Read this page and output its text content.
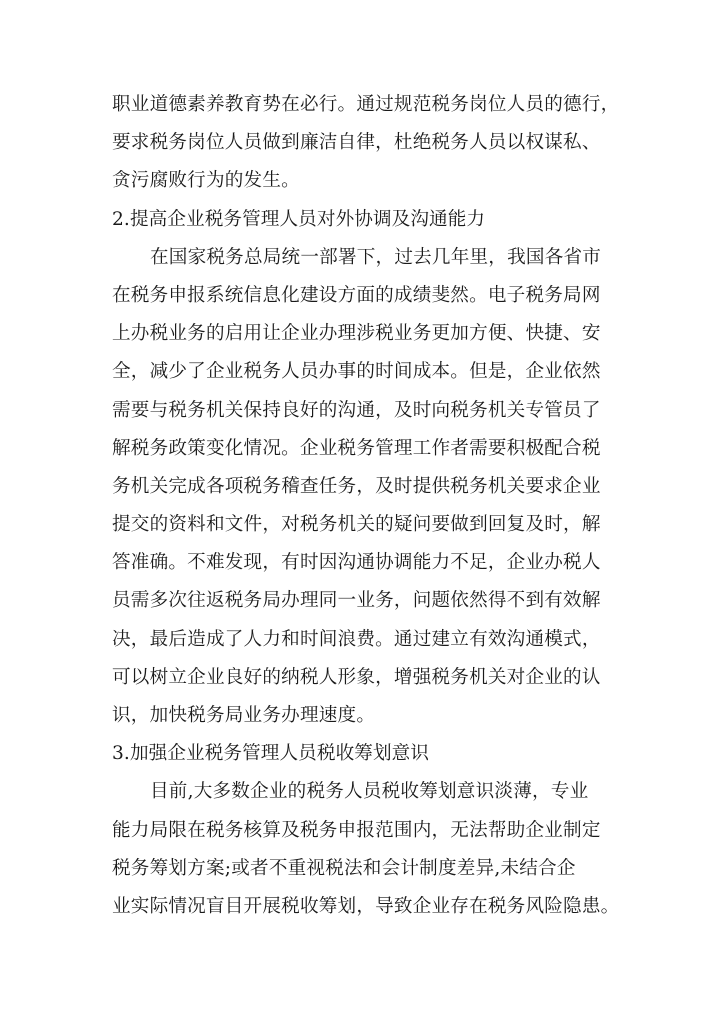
职业道德素养教育势在必行。通过规范税务岗位人员的德行，
要求税务岗位人员做到廉洁自律，杜绝税务人员以权谋私、
贪污腐败行为的发生。
2.提高企业税务管理人员对外协调及沟通能力
在国家税务总局统一部署下，过去几年里，我国各省市
在税务申报系统信息化建设方面的成绩斐然。电子税务局网
上办税业务的启用让企业办理涉税业务更加方便、快捷、安
全，减少了企业税务人员办事的时间成本。但是，企业依然
需要与税务机关保持良好的沟通，及时向税务机关专管员了
解税务政策变化情况。企业税务管理工作者需要积极配合税
务机关完成各项税务稽查任务，及时提供税务机关要求企业
提交的资料和文件，对税务机关的疑问要做到回复及时，解
答准确。不难发现，有时因沟通协调能力不足，企业办税人
员需多次往返税务局办理同一业务，问题依然得不到有效解
决，最后造成了人力和时间浪费。通过建立有效沟通模式，
可以树立企业良好的纳税人形象，增强税务机关对企业的认
识，加快税务局业务办理速度。
3.加强企业税务管理人员税收筹划意识
目前,大多数企业的税务人员税收筹划意识淡薄，专业
能力局限在税务核算及税务申报范围内，无法帮助企业制定
税务筹划方案;或者不重视税法和会计制度差异,未结合企
业实际情况盲目开展税收筹划，导致企业存在税务风险隐患。
